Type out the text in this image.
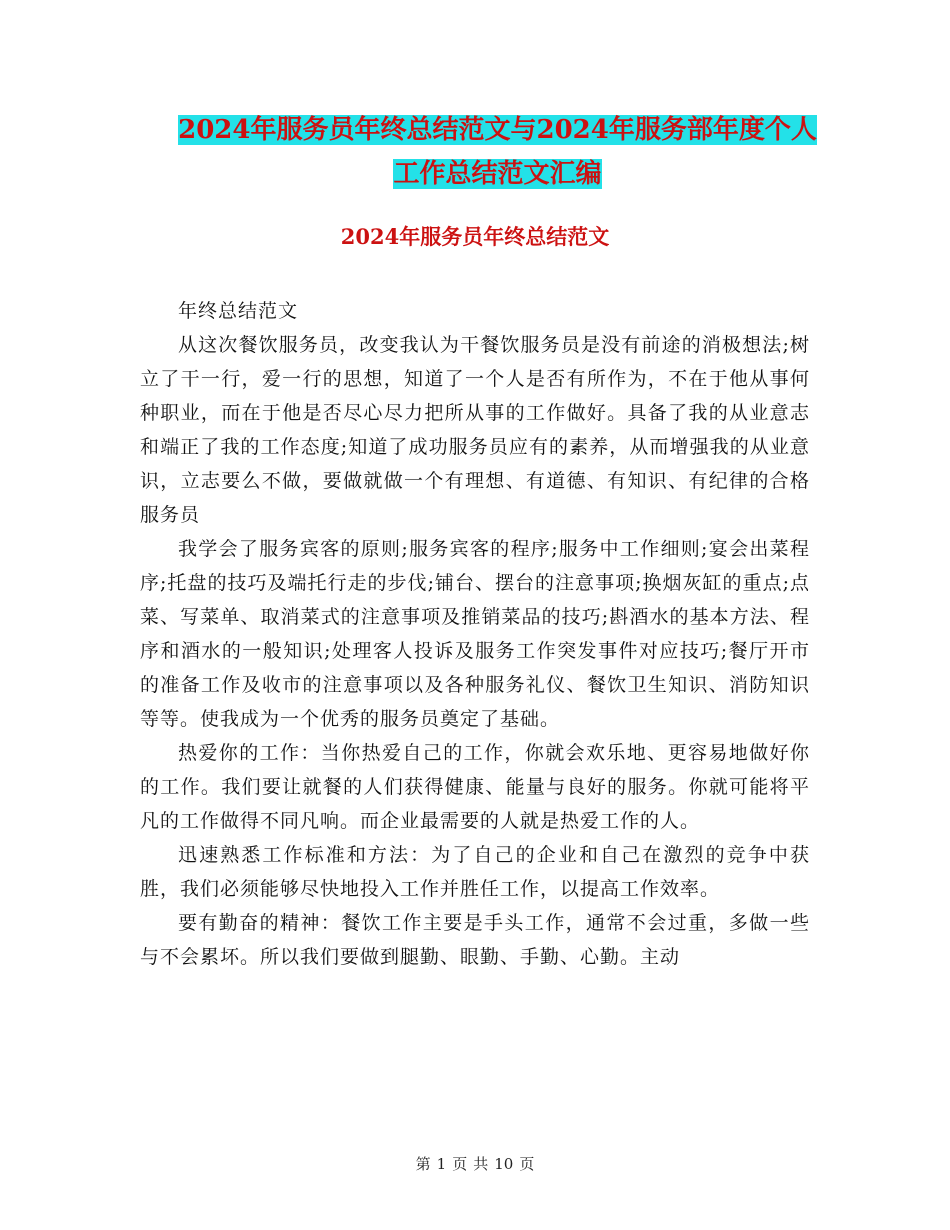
2024年服务员年终总结范文与2024年服务部年度个人
工作总结范文汇编
2024年服务员年终总结范文

年终总结范文

从这次餐饮服务员，改变我认为干餐饮服务员是没有前途的消极想法;树立了干一行，爱一行的思想，知道了一个人是否有所作为，不在于他从事何种职业，而在于他是否尽心尽力把所从事的工作做好。具备了我的从业意志和端正了我的工作态度;知道了成功服务员应有的素养，从而增强我的从业意识，立志要么不做，要做就做一个有理想、有道德、有知识、有纪律的合格服务员

我学会了服务宾客的原则;服务宾客的程序;服务中工作细则;宴会出菜程序;托盘的技巧及端托行走的步伐;铺台、摆台的注意事项;换烟灰缸的重点;点菜、写菜单、取消菜式的注意事项及推销菜品的技巧;斟酒水的基本方法、程序和酒水的一般知识;处理客人投诉及服务工作突发事件对应技巧;餐厅开市的准备工作及收市的注意事项以及各种服务礼仪、餐饮卫生知识、消防知识等等。使我成为一个优秀的服务员奠定了基础。

热爱你的工作：当你热爱自己的工作，你就会欢乐地、更容易地做好你的工作。我们要让就餐的人们获得健康、能量与良好的服务。你就可能将平凡的工作做得不同凡响。而企业最需要的人就是热爱工作的人。

迅速熟悉工作标准和方法：为了自己的企业和自己在激烈的竞争中获胜，我们必须能够尽快地投入工作并胜任工作，以提高工作效率。

要有勤奋的精神：餐饮工作主要是手头工作，通常不会过重，多做一些与不会累坏。所以我们要做到腿勤、眼勤、手勤、心勤。主动

第 1 页 共 10 页
